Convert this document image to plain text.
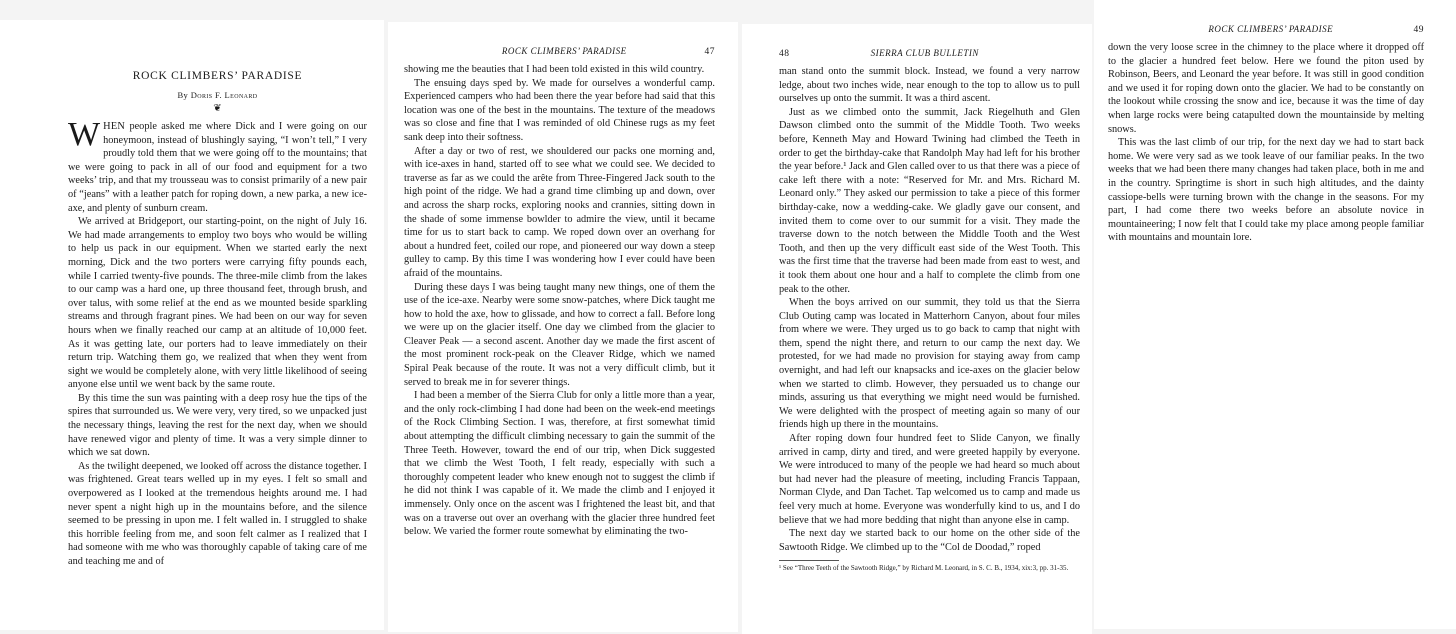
ROCK CLIMBERS’ PARADISE
By Doris F. Leonard
❦

WHEN people asked me where Dick and I were going on our honeymoon, instead of blushingly saying, “I won’t tell,” I very proudly told them that we were going off to the mountains; that we were going to pack in all of our food and equipment for a two weeks’ trip, and that my trousseau was to consist primarily of a new pair of “jeans” with a leather patch for roping down, a new parka, a new ice-axe, and plenty of sunburn cream.

We arrived at Bridgeport, our starting-point, on the night of July 16. We had made arrangements to employ two boys who would be willing to help us pack in our equipment. When we started early the next morning, Dick and the two porters were carrying fifty pounds each, while I carried twenty-five pounds. The three-mile climb from the lakes to our camp was a hard one, up three thousand feet, through brush, and over talus, with some relief at the end as we mounted beside sparkling streams and through fragrant pines. We had been on our way for seven hours when we finally reached our camp at an altitude of 10,000 feet. As it was getting late, our porters had to leave immediately on their return trip. Watching them go, we realized that when they went from sight we would be completely alone, with very little likelihood of seeing anyone else until we went back by the same route.

By this time the sun was painting with a deep rosy hue the tips of the spires that surrounded us. We were very, very tired, so we unpacked just the necessary things, leaving the rest for the next day, when we should have renewed vigor and plenty of time. It was a very simple dinner to which we sat down.

As the twilight deepened, we looked off across the distance together. I was frightened. Great tears welled up in my eyes. I felt so small and overpowered as I looked at the tremendous heights around me. I had never spent a night high up in the mountains before, and the silence seemed to be pressing in upon me. I felt walled in. I struggled to shake this horrible feeling from me, and soon felt calmer as I realized that I had someone with me who was thoroughly capable of taking care of me and teaching me and of

ROCK CLIMBERS’ PARADISE	47

showing me the beauties that I had been told existed in this wild country.

The ensuing days sped by. We made for ourselves a wonderful camp. Experienced campers who had been there the year before had said that this location was one of the best in the mountains. The texture of the meadows was so close and fine that I was reminded of old Chinese rugs as my feet sank deep into their softness.

After a day or two of rest, we shouldered our packs one morning and, with ice-axes in hand, started off to see what we could see. We decided to traverse as far as we could the arête from Three-Fingered Jack south to the high point of the ridge. We had a grand time climbing up and down, over and across the sharp rocks, exploring nooks and crannies, sitting down in the shade of some immense bowlder to admire the view, until it became time for us to start back to camp. We roped down over an overhang for about a hundred feet, coiled our rope, and pioneered our way down a steep gulley to camp. By this time I was wondering how I ever could have been afraid of the mountains.

During these days I was being taught many new things, one of them the use of the ice-axe. Nearby were some snow-patches, where Dick taught me how to hold the axe, how to glissade, and how to correct a fall. Before long we were up on the glacier itself. One day we climbed from the glacier to Cleaver Peak — a second ascent. Another day we made the first ascent of the most prominent rock-peak on the Cleaver Ridge, which we named Spiral Peak because of the route. It was not a very difficult climb, but it served to break me in for severer things.

I had been a member of the Sierra Club for only a little more than a year, and the only rock-climbing I had done had been on the week-end meetings of the Rock Climbing Section. I was, therefore, at first somewhat timid about attempting the difficult climbing necessary to gain the summit of the Three Teeth. However, toward the end of our trip, when Dick suggested that we climb the West Tooth, I felt ready, especially with such a thoroughly competent leader who knew enough not to suggest the climb if he did not think I was capable of it. We made the climb and I enjoyed it immensely. Only once on the ascent was I frightened the least bit, and that was on a traverse out over an overhang with the glacier three hundred feet below. We varied the former route somewhat by eliminating the two-

48	SIERRA CLUB BULLETIN

man stand onto the summit block. Instead, we found a very narrow ledge, about two inches wide, near enough to the top to allow us to pull ourselves up onto the summit. It was a third ascent.

Just as we climbed onto the summit, Jack Riegelhuth and Glen Dawson climbed onto the summit of the Middle Tooth. Two weeks before, Kenneth May and Howard Twining had climbed the Teeth in order to get the birthday-cake that Randolph May had left for his brother the year before.¹ Jack and Glen called over to us that there was a piece of cake left there with a note: “Reserved for Mr. and Mrs. Richard M. Leonard only.” They asked our permission to take a piece of this former birthday-cake, now a wedding-cake. We gladly gave our consent, and invited them to come over to our summit for a visit. They made the traverse down to the notch between the Middle Tooth and the West Tooth, and then up the very difficult east side of the West Tooth. This was the first time that the traverse had been made from east to west, and it took them about one hour and a half to complete the climb from one peak to the other.

When the boys arrived on our summit, they told us that the Sierra Club Outing camp was located in Matterhorn Canyon, about four miles from where we were. They urged us to go back to camp that night with them, spend the night there, and return to our camp the next day. We protested, for we had made no provision for staying away from camp overnight, and had left our knapsacks and ice-axes on the glacier below when we started to climb. However, they persuaded us to change our minds, assuring us that everything we might need would be furnished. We were delighted with the prospect of meeting again so many of our friends high up there in the mountains.

After roping down four hundred feet to Slide Canyon, we finally arrived in camp, dirty and tired, and were greeted happily by everyone. We were introduced to many of the people we had heard so much about but had never had the pleasure of meeting, including Francis Tappaan, Norman Clyde, and Dan Tachet. Tap welcomed us to camp and made us feel very much at home. Everyone was wonderfully kind to us, and I do believe that we had more bedding that night than anyone else in camp.

The next day we started back to our home on the other side of the Sawtooth Ridge. We climbed up to the “Col de Doodad,” roped

¹ See “Three Teeth of the Sawtooth Ridge,” by Richard M. Leonard, in S. C. B., 1934, xix:3, pp. 31-35.

ROCK CLIMBERS’ PARADISE	49

down the very loose scree in the chimney to the place where it dropped off to the glacier a hundred feet below. Here we found the piton used by Robinson, Beers, and Leonard the year before. It was still in good condition and we used it for roping down onto the glacier. We had to be constantly on the lookout while crossing the snow and ice, because it was the time of day when large rocks were being catapulted down the mountainside by melting snows.

This was the last climb of our trip, for the next day we had to start back home. We were very sad as we took leave of our familiar peaks. In the two weeks that we had been there many changes had taken place, both in me and in the country. Springtime is short in such high altitudes, and the dainty cassiope-bells were turning brown with the change in the seasons. For my part, I had come there two weeks before an absolute novice in mountaineering; I now felt that I could take my place among people familiar with mountains and mountain lore.
